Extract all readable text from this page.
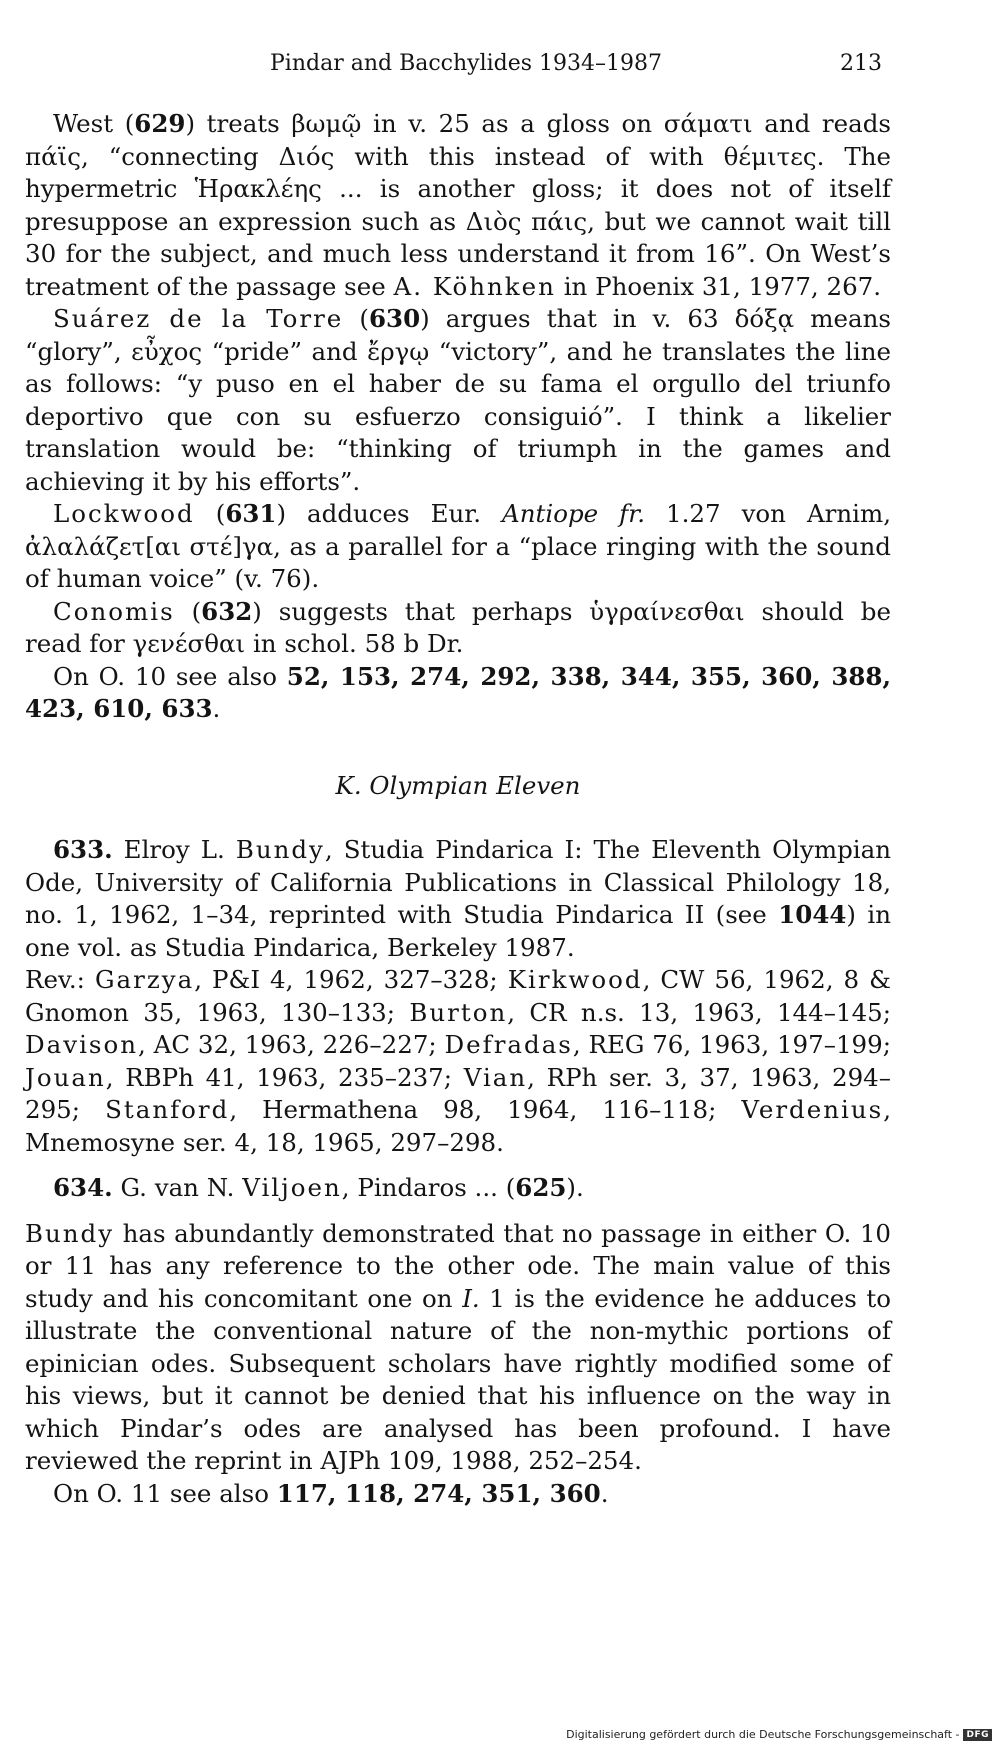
Pindar and Bacchylides 1934–1987	213

West (629) treats βωμῷ in v. 25 as a gloss on σάματι and reads πάϊς, “connecting Διός with this instead of with θέμιτες. The hypermetric Ἡρακλέης ... is another gloss; it does not of itself presuppose an expression such as Διὸς πάις, but we cannot wait till 30 for the subject, and much less understand it from 16”. On West’s treatment of the passage see A. Köhnken in Phoenix 31, 1977, 267.

Suárez de la Torre (630) argues that in v. 63 δόξᾳ means “glory”, εὖχος “pride” and ἔργῳ “victory”, and he translates the line as follows: “y puso en el haber de su fama el orgullo del triunfo deportivo que con su esfuerzo consiguió”. I think a likelier translation would be: “thinking of triumph in the games and achieving it by his efforts”.

Lockwood (631) adduces Eur. Antiope fr. 1.27 von Arnim, ἀλαλάζετ[αι στέ]γα, as a parallel for a “place ringing with the sound of human voice” (v. 76).

Conomis (632) suggests that perhaps ὑγραίνεσθαι should be read for γενέσθαι in schol. 58 b Dr.

On O. 10 see also 52, 153, 274, 292, 338, 344, 355, 360, 388, 423, 610, 633.

K. Olympian Eleven

633. Elroy L. Bundy, Studia Pindarica I: The Eleventh Olympian Ode, University of California Publications in Classical Philology 18, no. 1, 1962, 1–34, reprinted with Studia Pindarica II (see 1044) in one vol. as Studia Pindarica, Berkeley 1987.

Rev.: Garzya, P&I 4, 1962, 327–328; Kirkwood, CW 56, 1962, 8 & Gnomon 35, 1963, 130–133; Burton, CR n.s. 13, 1963, 144–145; Davison, AC 32, 1963, 226–227; Defradas, REG 76, 1963, 197–199; Jouan, RBPh 41, 1963, 235–237; Vian, RPh ser. 3, 37, 1963, 294–295; Stanford, Hermathena 98, 1964, 116–118; Verdenius, Mnemosyne ser. 4, 18, 1965, 297–298.

634. G. van N. Viljoen, Pindaros ... (625).

Bundy has abundantly demonstrated that no passage in either O. 10 or 11 has any reference to the other ode. The main value of this study and his concomitant one on I. 1 is the evidence he adduces to illustrate the conventional nature of the non-mythic portions of epinician odes. Subsequent scholars have rightly modified some of his views, but it cannot be denied that his influence on the way in which Pindar’s odes are analysed has been profound. I have reviewed the reprint in AJPh 109, 1988, 252–254.

On O. 11 see also 117, 118, 274, 351, 360.

Digitalisierung gefördert durch die Deutsche Forschungsgemeinschaft - DFG
